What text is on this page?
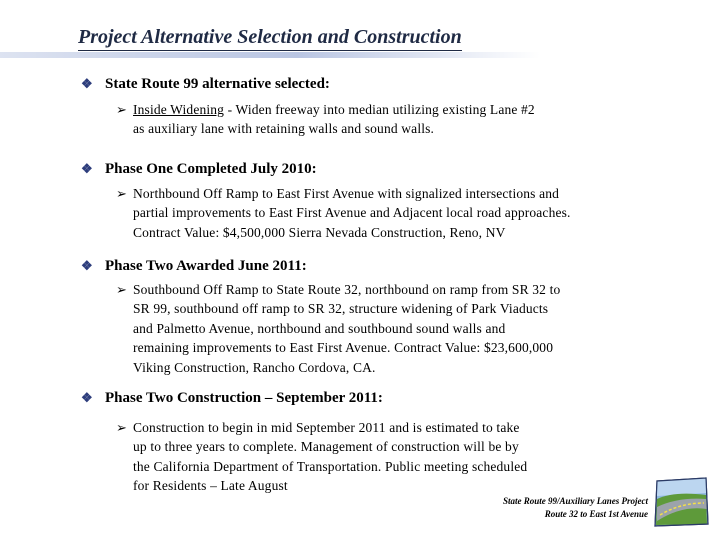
Project Alternative Selection and Construction
❖ State Route 99 alternative selected:
➢ Inside Widening - Widen freeway into median utilizing existing Lane #2
as auxiliary lane with retaining walls and sound walls.
❖ Phase One Completed July 2010:
➢ Northbound Off Ramp to East First Avenue with signalized intersections and
partial improvements to East First Avenue and Adjacent local road approaches.
Contract Value: $4,500,000 Sierra Nevada Construction, Reno, NV
❖ Phase Two Awarded June 2011:
➢ Southbound Off Ramp to State Route 32, northbound on ramp from SR 32 to
SR 99, southbound off ramp to SR 32, structure widening of Park Viaducts
and Palmetto Avenue, northbound and southbound sound walls and
remaining improvements to East First Avenue. Contract Value: $23,600,000
Viking Construction, Rancho Cordova, CA.
❖ Phase Two Construction – September 2011:
➢ Construction to begin in mid September 2011 and is estimated to take
up to three years to complete. Management of construction will be by
the California Department of Transportation. Public meeting scheduled
for Residents – Late August
State Route 99/Auxiliary Lanes Project
Route 32 to East 1st Avenue
